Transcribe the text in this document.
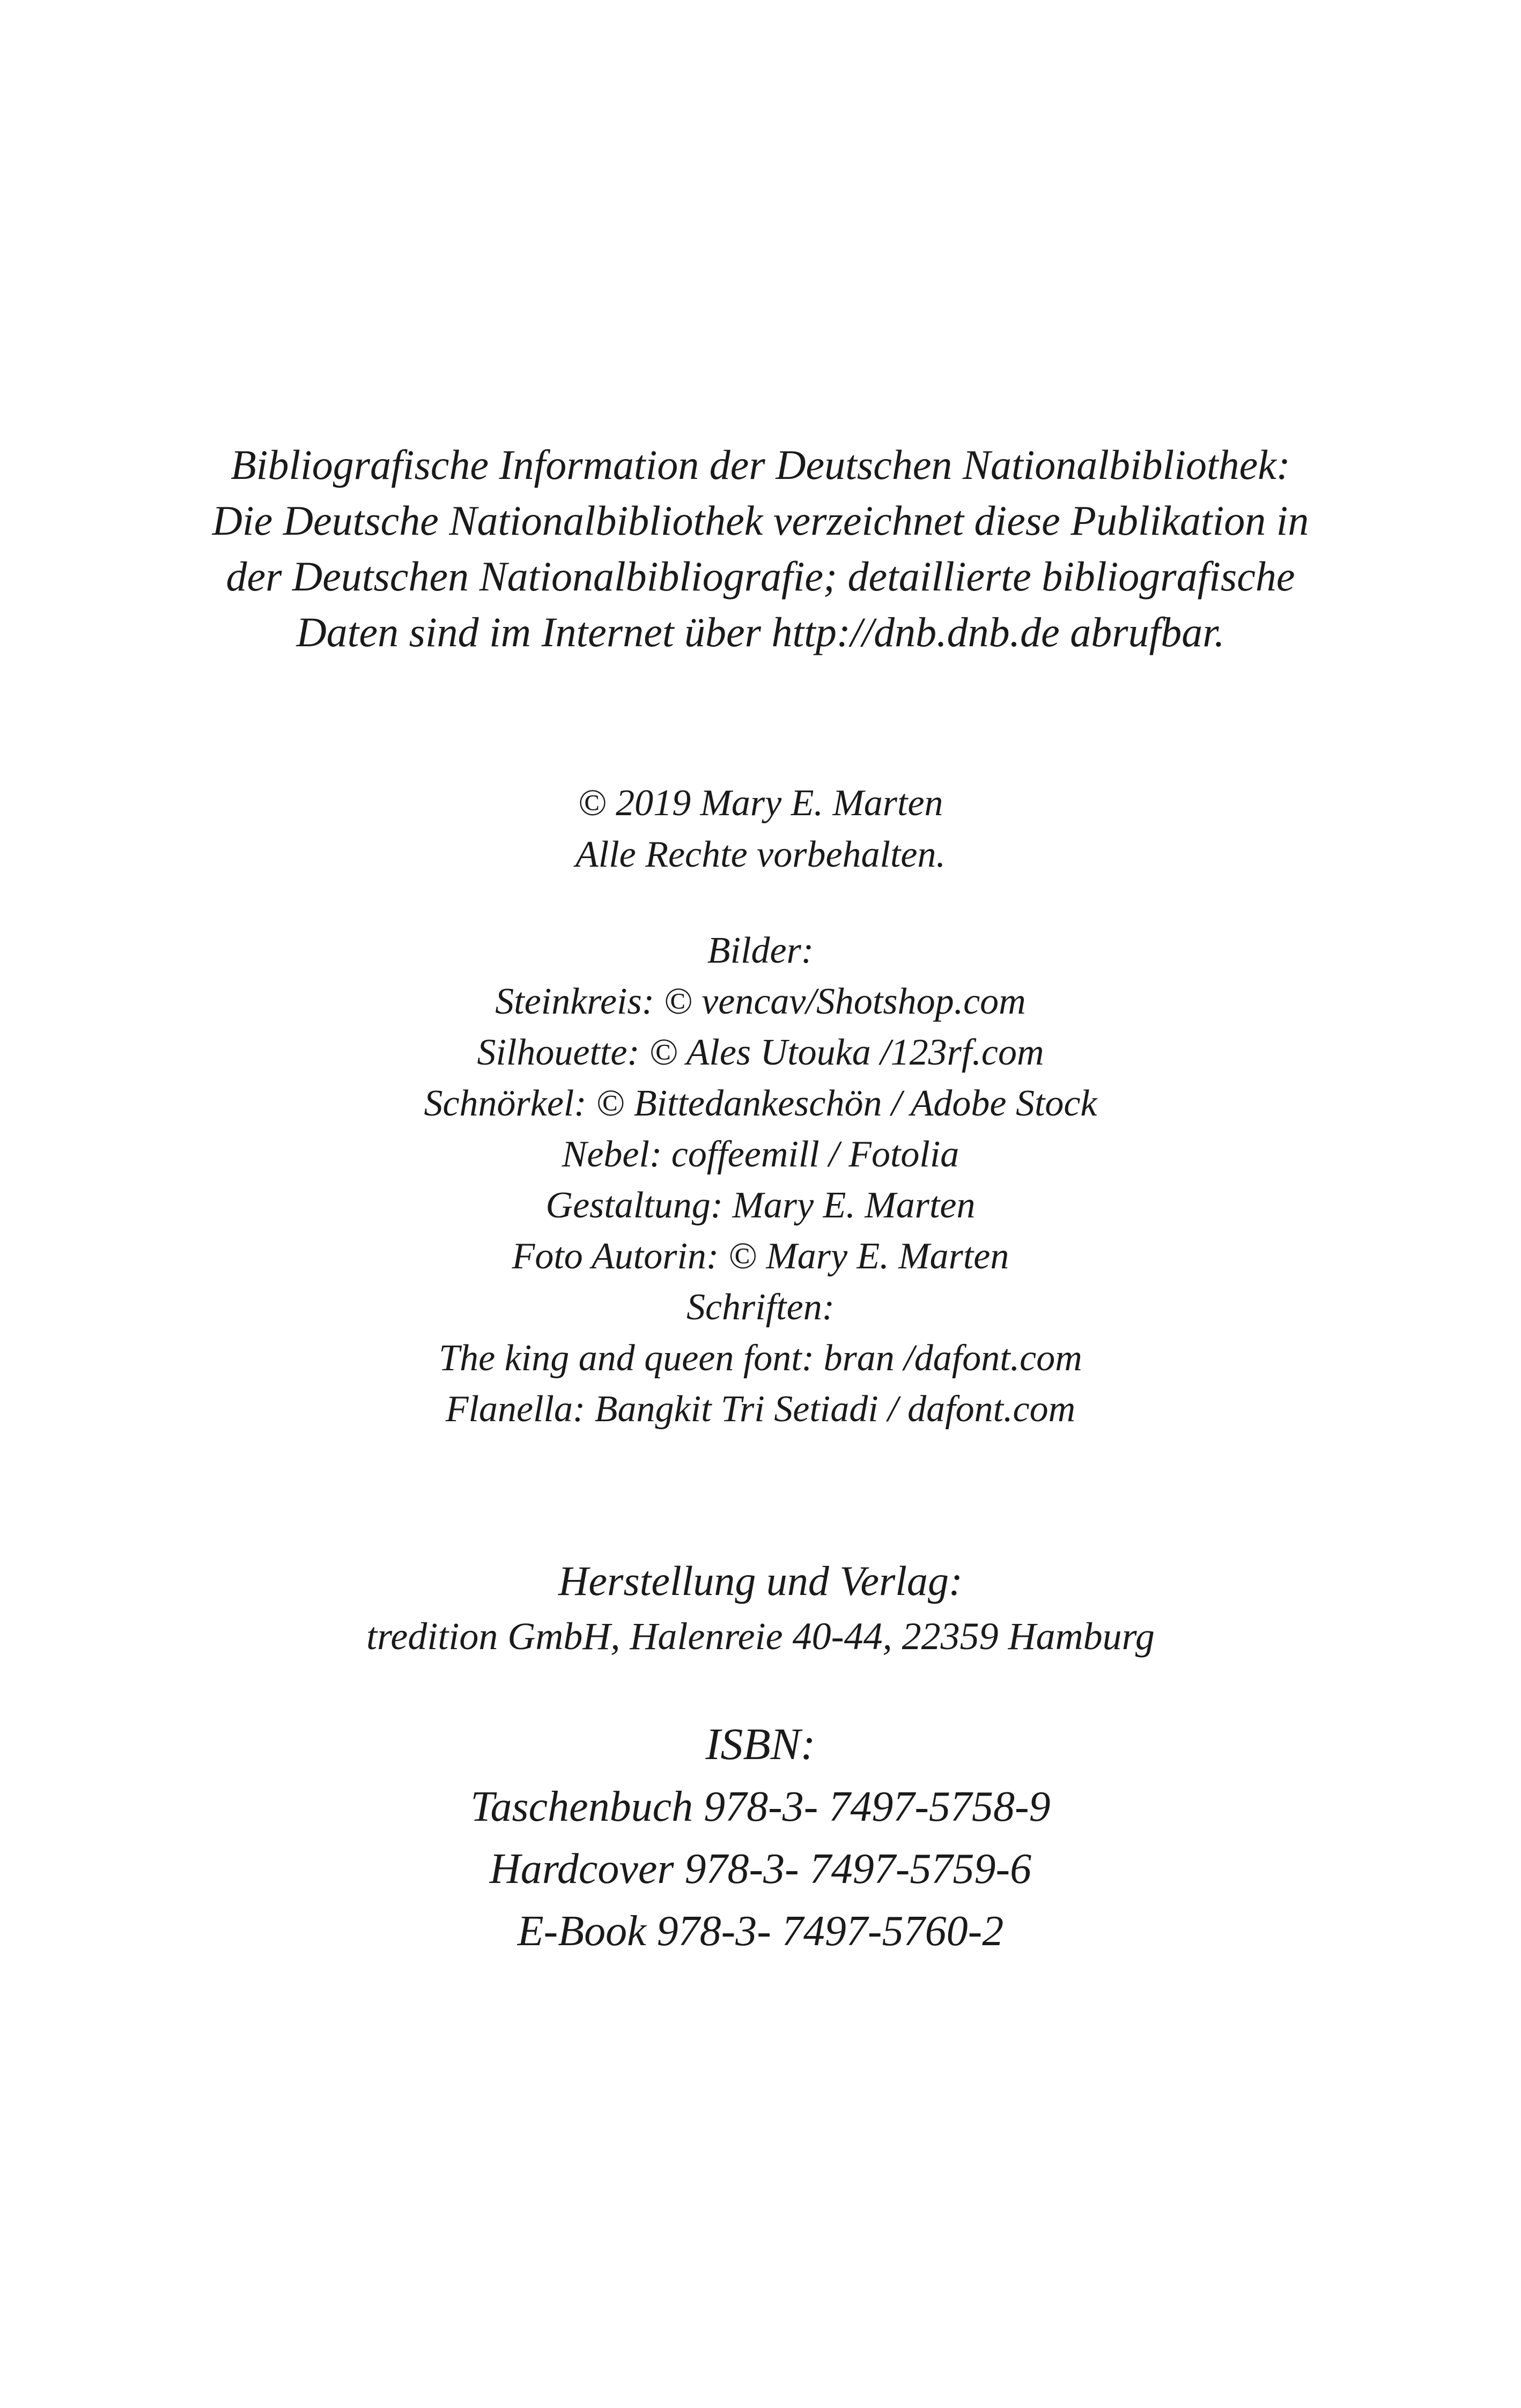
Bibliografische Information der Deutschen Nationalbibliothek:
Die Deutsche Nationalbibliothek verzeichnet diese Publikation in
der Deutschen Nationalbibliografie; detaillierte bibliografische
Daten sind im Internet über http://dnb.dnb.de abrufbar.
© 2019 Mary E. Marten
Alle Rechte vorbehalten.
Bilder:
Steinkreis: © vencav/Shotshop.com
Silhouette: © Ales Utouka /123rf.com
Schnörkel: © Bittedankeschön / Adobe Stock
Nebel: coffeemill / Fotolia
Gestaltung: Mary E. Marten
Foto Autorin: © Mary E. Marten
Schriften:
The king and queen font: bran /dafont.com
Flanella: Bangkit Tri Setiadi / dafont.com
Herstellung und Verlag:
tredition GmbH, Halenreie 40-44, 22359 Hamburg
ISBN:
Taschenbuch 978-3- 7497-5758-9
Hardcover 978-3- 7497-5759-6
E-Book 978-3- 7497-5760-2
